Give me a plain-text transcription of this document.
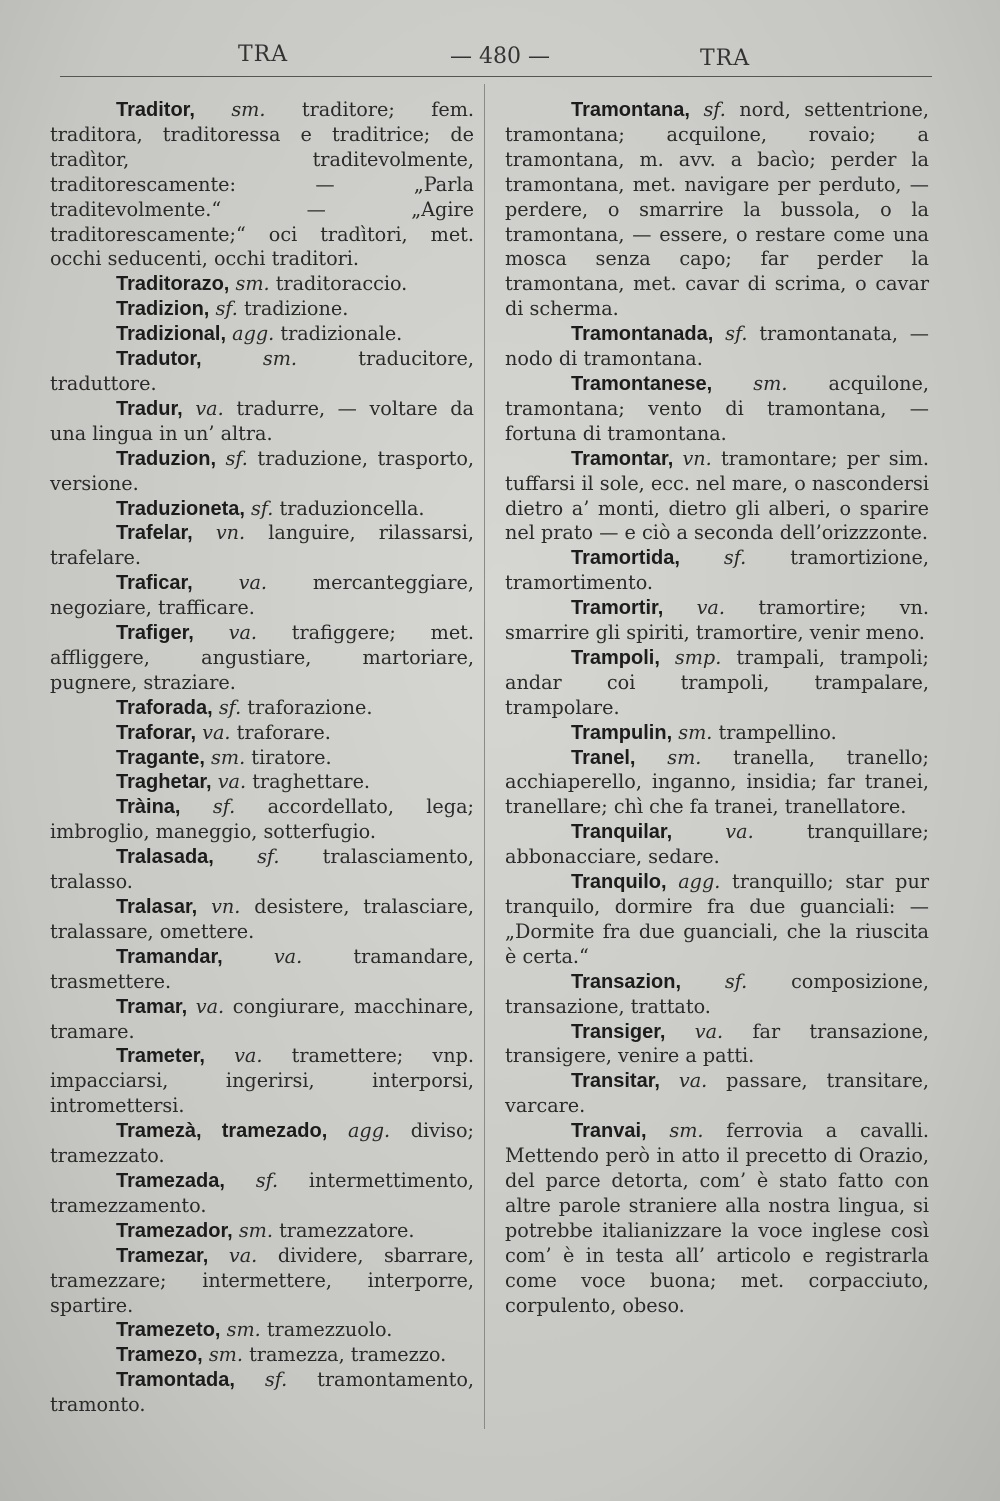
TRA	— 480 —	TRA

Traditor, sm. traditore; fem. traditora, traditoressa e traditrice; de tradìtor, traditevolmente, traditorescamente: — „Parla traditevolmente.“ — „Agire traditorescamente;“ oci tradìtori, met. occhi seducenti, occhi traditori.

Traditorazo, sm. traditoraccio.

Tradizion, sf. tradizione.

Tradizional, agg. tradizionale.

Tradutor,	sm.	traducitore, traduttore.

Tradur, va. tradurre, — voltare da una lingua in un’ altra.

Traduzion, sf. traduzione, trasporto, versione.

Traduzioneta, sf. traduzioncella.

Trafelar, vn. languire, rilassarsi, trafelare.

Traficar, va. mercanteggiare, negoziare, trafficare.

Trafiger, va. trafiggere; met. affliggere, angustiare, martoriare, pugnere, straziare.

Traforada, sf. traforazione.

Traforar, va. traforare.

Tragante, sm. tiratore.

Traghetar, va. traghettare.

Tràina, sf. accordellato, lega; imbroglio, maneggio, sotterfugio.

Tralasada, sf. tralasciamento, tralasso.

Tralasar, vn. desistere, tralasciare, tralassare, omettere.

Tramandar,	va.	tramandare, trasmettere.

Tramar, va. congiurare, macchinare, tramare.

Trameter, va. tramettere; vnp. impacciarsi, ingerirsi, interporsi, intromettersi.

Tramezà, tramezado, agg. diviso; tramezzato.

Tramezada, sf. intermettimento, tramezzamento.

Tramezador, sm. tramezzatore.

Tramezar, va. dividere, sbarrare, tramezzare; intermettere, interporre, spartire.

Tramezeto, sm. tramezzuolo.

Tramezo, sm. tramezza, tramezzo.

Tramontada, sf. tramontamento, tramonto.

Tramontana, sf. nord, settentrione, tramontana; acquilone, rovaio; a tramontana, m. avv. a bacìo; perder la tramontana, met. navigare per perduto, — perdere, o smarrire la bussola, o la tramontana, — essere, o restare come una mosca senza capo; far perder la tramontana, met. cavar di scrima, o cavar di scherma.

Tramontanada, sf. tramontanata, — nodo di tramontana.

Tramontanese, sm. acquilone, tramontana; vento di tramontana, — fortuna di tramontana.

Tramontar, vn. tramontare; per sim. tuffarsi il sole, ecc. nel mare, o nascondersi dietro a’ monti, dietro gli alberi, o sparire nel prato — e ciò a seconda dell’orizzzonte.

Tramortida, sf. tramortizione, tramortimento.

Tramortir, va. tramortire; vn. smarrire gli spiriti, tramortire, venir meno.

Trampoli, smp. trampali, trampoli; andar coi trampoli, trampalare, trampolare.

Trampulin, sm. trampellino.

Tranel, sm. tranella, tranello; acchiaperello, inganno, insidia; far tranei, tranellare; chì che fa tranei, tranellatore.

Tranquilar,	va.	tranquillare; abbonacciare, sedare.

Tranquilo, agg. tranquillo; star pur tranquilo, dormire fra due guanciali: — „Dormite fra due guanciali, che la riuscita è certa.“

Transazion, sf. composizione, transazione, trattato.

Transiger, va. far transazione, transigere, venire a patti.

Transitar, va. passare, transitare, varcare.

Tranvai, sm. ferrovia a cavalli. Mettendo però in atto il precetto di Orazio, del parce detorta, com’ è stato fatto con altre parole straniere alla nostra lingua, si potrebbe italianizzare la voce inglese così com’ è in testa all’ articolo e registrarla come voce buona; met. corpacciuto, corpulento, obeso.
